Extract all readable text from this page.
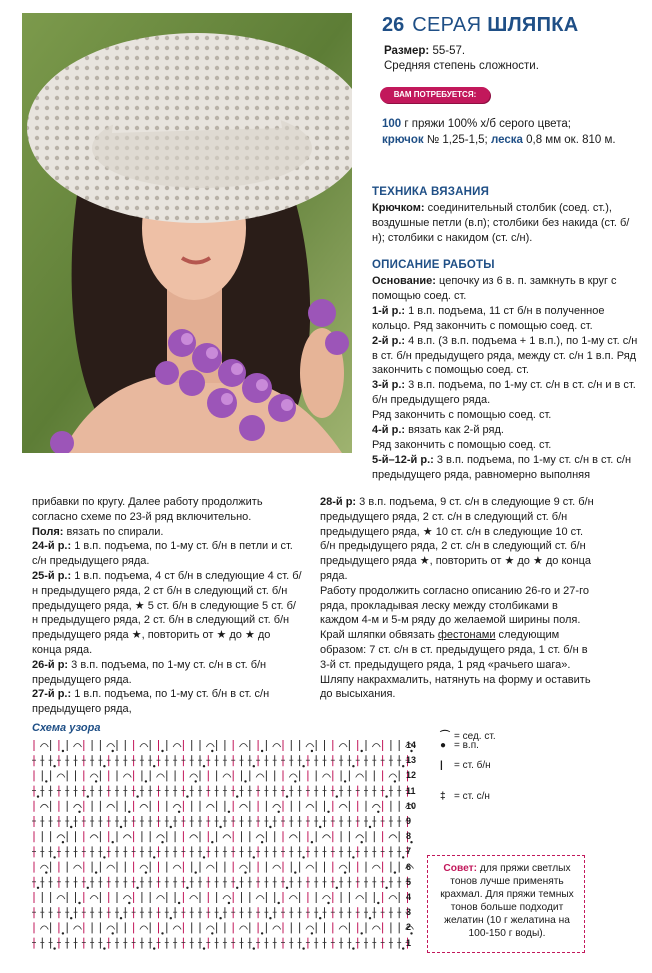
26 СЕРАЯ ШЛЯПКА
Размер: 55-57.
Средняя степень сложности.
ВАМ ПОТРЕБУЕТСЯ:
100 г пряжи 100% х/б серого цвета;
крючок № 1,25-1,5; леска 0,8 мм ок. 810 м.
ТЕХНИКА ВЯЗАНИЯ
Крючком: соединительный столбик (соед. ст.), воздушные петли (в.п); столбики без накида (ст. б/н); столбики с накидом (ст. с/н).
ОПИСАНИЕ РАБОТЫ
Основание: цепочку из 6 в. п. замкнуть в круг с помощью соед. ст.
1-й р.: 1 в.п. подъема, 11 ст б/н в полученное кольцо. Ряд закончить с помощью соед. ст.
2-й р.: 4 в.п. (3 в.п. подъема + 1 в.п.), по 1-му ст. с/н в ст. б/н предыдущего ряда, между ст. с/н 1 в.п. Ряд закончить с помощью соед. ст.
3-й р.: 3 в.п. подъема, по 1-му ст. с/н в ст. с/н и в ст. б/н предыдущего ряда.
Ряд закончить с помощью соед. ст.
4-й р.: вязать как 2-й ряд.
Ряд закончить с помощью соед. ст.
5-й–12-й р.: 3 в.п. подъема, по 1-му ст. с/н в ст. с/н предыдущего ряда, равномерно выполняя
прибавки по кругу. Далее работу продолжить согласно схеме по 23-й ряд включительно.
Поля: вязать по спирали.
24-й р.: 1 в.п. подъема, по 1-му ст. б/н в петли и ст. с/н предыдущего ряда.
25-й р.: 1 в.п. подъема, 4 ст б/н в следующие 4 ст. б/н предыдущего ряда, 2 ст б/н в следующий ст. б/н предыдущего ряда, ★ 5 ст. б/н в следующие 5 ст. б/н предыдущего ряда, 2 ст. б/н в следующий ст. б/н предыдущего ряда ★, повторить от ★ до ★ до конца ряда.
26-й р: 3 в.п. подъема, по 1-му ст. с/н в ст. б/н предыдущего ряда.
27-й р.: 1 в.п. подъема, по 1-му ст. б/н в ст. с/н предыдущего ряда,
28-й р: 3 в.п. подъема, 9 ст. с/н в следующие 9 ст. б/н предыдущего ряда, 2 ст. с/н в следующий ст. б/н предыдущего ряда, ★ 10 ст. с/н в следующие 10 ст. б/н предыдущего ряда, 2 ст. с/н в следующий ст. б/н предыдущего ряда ★, повторить от ★ до ★ до конца ряда.
Работу продолжить согласно описанию 26-го и 27-го ряда, прокладывая леску между столбиками в каждом 4-м и 5-м ряду до желаемой ширины поля.
Край шляпки обвязать фестонами следующим образом: 7 ст. с/н в ст. предыдущего ряда, 1 ст. б/н в 3-й ст. предыдущего ряда, 1 ряд «рачьего шага». Шляпу накрахмалить, натянуть на форму и оставить до высыхания.
Схема узора
14
13
12
11
10
9
8
7
6
5
4
3
2
1
⌒ = сед. ст.
● = в.п.
| = ст. б/н
‡ = ст. с/н
Совет: для пряжи светлых тонов лучше применять крахмал. Для пряжи темных тонов больше подходит желатин (10 г желатина на 100-150 г воды).
